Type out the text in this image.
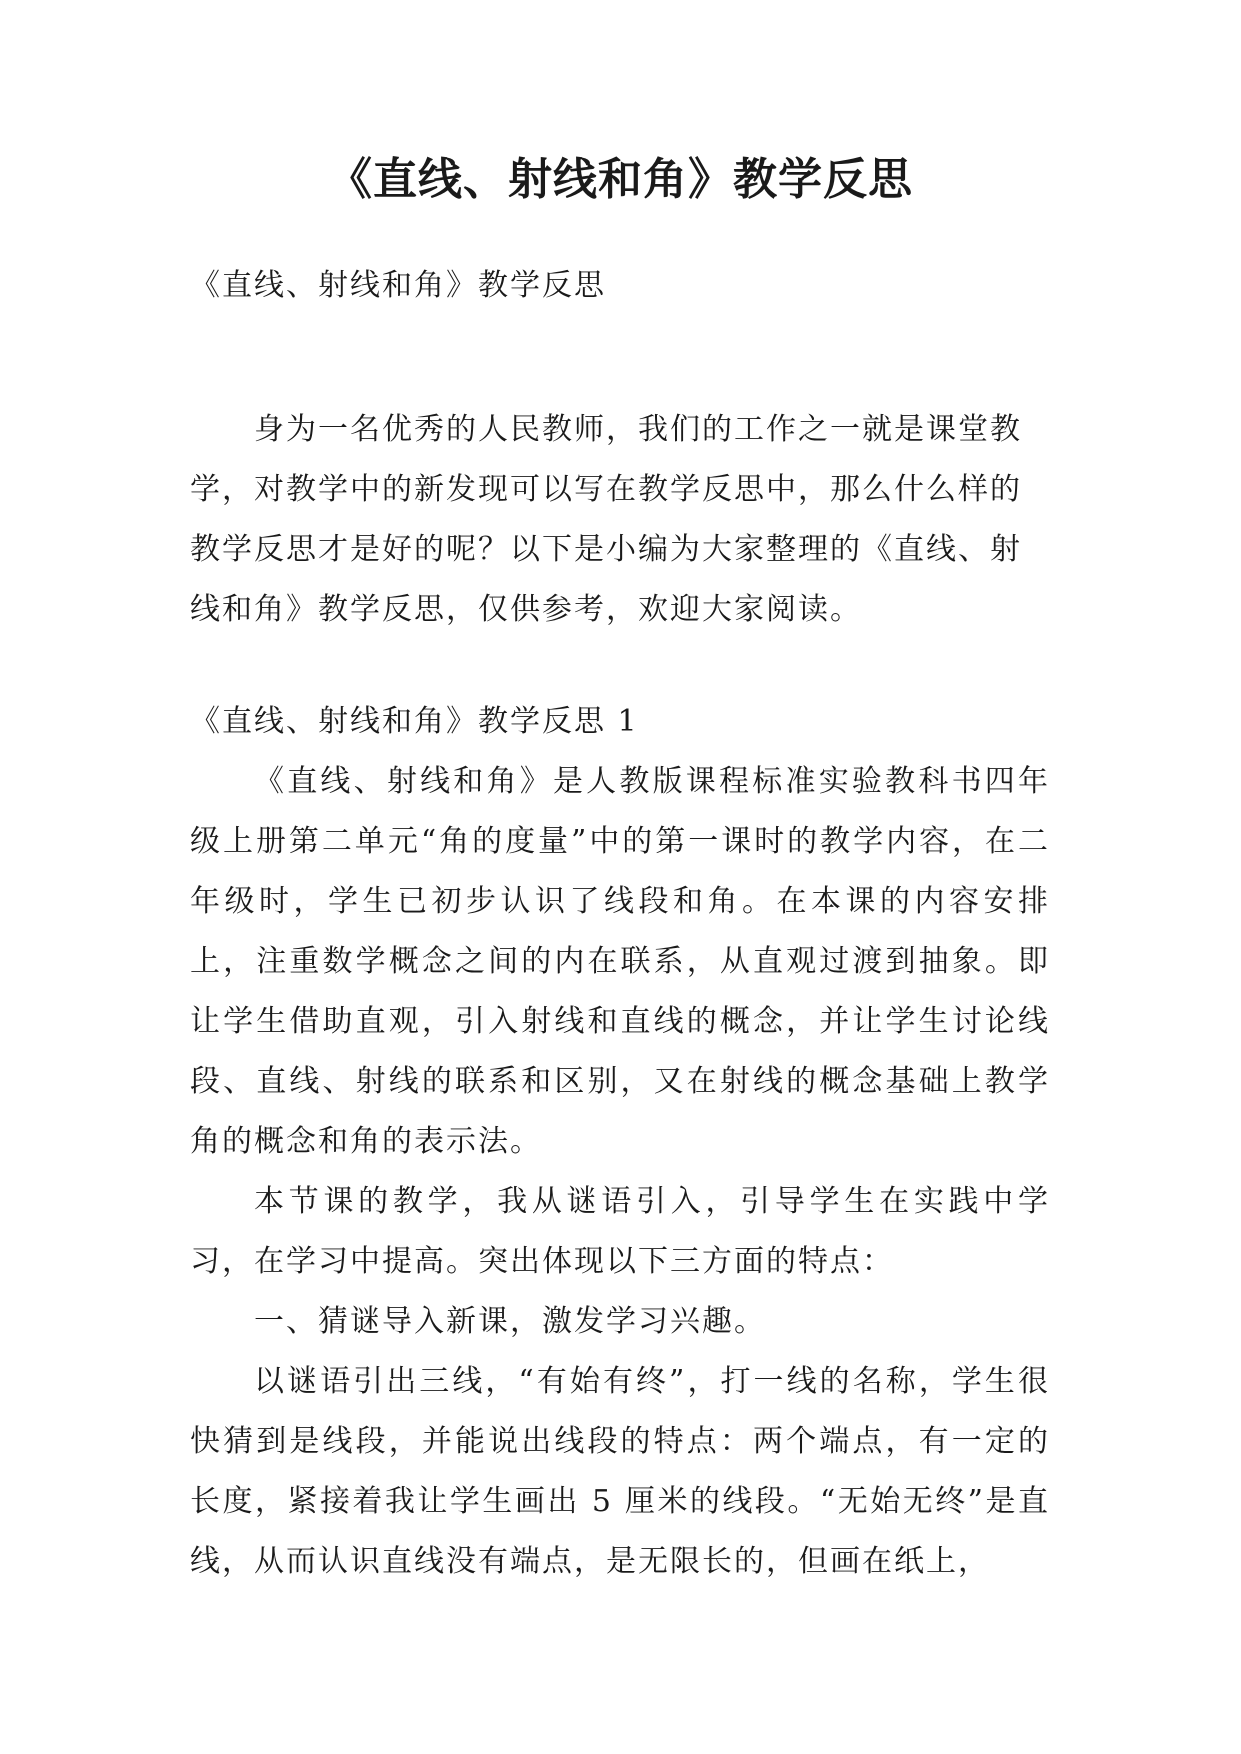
《直线、射线和角》教学反思
《直线、射线和角》教学反思
身为一名优秀的人民教师，我们的工作之一就是课堂教学，对教学中的新发现可以写在教学反思中，那么什么样的教学反思才是好的呢？以下是小编为大家整理的《直线、射线和角》教学反思，仅供参考，欢迎大家阅读。
《直线、射线和角》教学反思 1

《直线、射线和角》是人教版课程标准实验教科书四年级上册第二单元“角的度量”中的第一课时的教学内容，在二年级时，学生已初步认识了线段和角。在本课的内容安排上，注重数学概念之间的内在联系，从直观过渡到抽象。即让学生借助直观，引入射线和直线的概念，并让学生讨论线段、直线、射线的联系和区别，又在射线的概念基础上教学角的概念和角的表示法。

本节课的教学，我从谜语引入，引导学生在实践中学习，在学习中提高。突出体现以下三方面的特点：

一、猜谜导入新课，激发学习兴趣。

以谜语引出三线，“有始有终”，打一线的名称，学生很快猜到是线段，并能说出线段的特点：两个端点，有一定的长度，紧接着我让学生画出 5 厘米的线段。“无始无终”是直线，从而认识直线没有端点，是无限长的，但画在纸上，
